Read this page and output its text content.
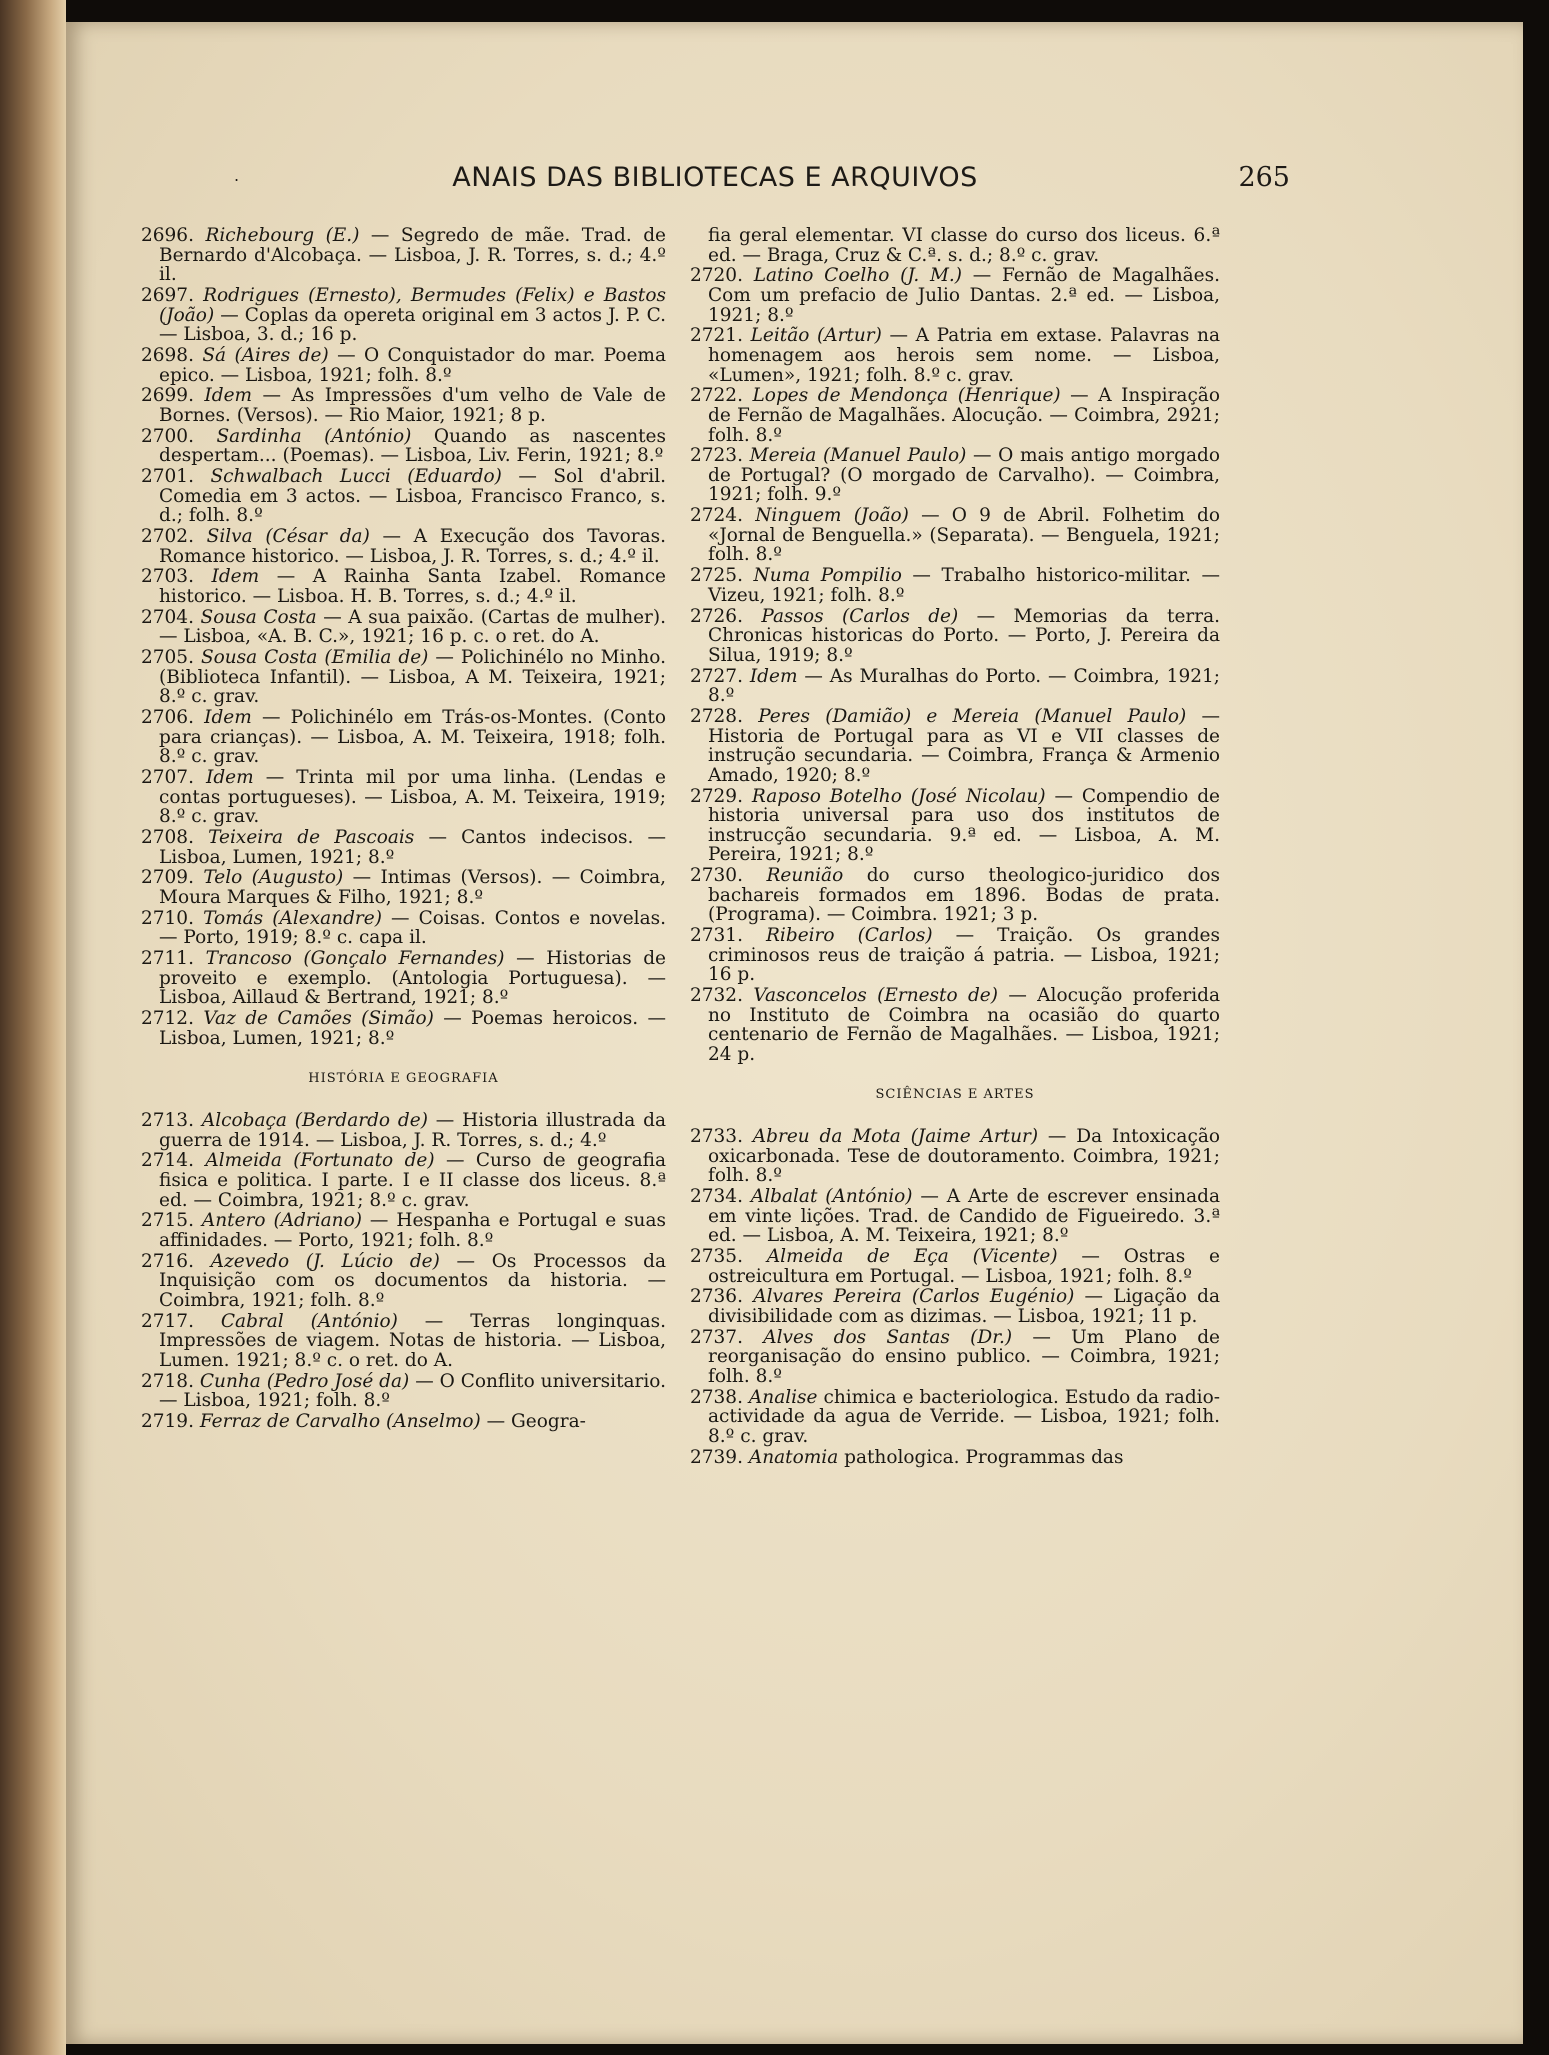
.	ANAIS DAS BIBLIOTECAS E ARQUIVOS	265

2696. Richebourg (E.) — Segredo de mãe. Trad. de Bernardo d'Alcobaça. — Lisboa, J. R. Torres, s. d.; 4.º il.

2697. Rodrigues (Ernesto), Bermudes (Felix) e Bastos (João) — Coplas da opereta original em 3 actos J. P. C. — Lisboa, 3. d.; 16 p.

2698. Sá (Aires de) — O Conquistador do mar. Poema epico. — Lisboa, 1921; folh. 8.º

2699. Idem — As Impressões d'um velho de Vale de Bornes. (Versos). — Rio Maior, 1921; 8 p.

2700. Sardinha (António) Quando as nascentes despertam... (Poemas). — Lisboa, Liv. Ferin, 1921; 8.º

2701. Schwalbach Lucci (Eduardo) — Sol d'abril. Comedia em 3 actos. — Lisboa, Francisco Franco, s. d.; folh. 8.º

2702. Silva (César da) — A Execução dos Tavoras. Romance historico. — Lisboa, J. R. Torres, s. d.; 4.º il.

2703. Idem — A Rainha Santa Izabel. Romance historico. — Lisboa. H. B. Torres, s. d.; 4.º il.

2704. Sousa Costa — A sua paixão. (Cartas de mulher). — Lisboa, «A. B. C.», 1921; 16 p. c. o ret. do A.

2705. Sousa Costa (Emilia de) — Polichinélo no Minho. (Biblioteca Infantil). — Lisboa, A M. Teixeira, 1921; 8.º c. grav.

2706. Idem — Polichinélo em Trás-os-Montes. (Conto para crianças). — Lisboa, A. M. Teixeira, 1918; folh. 8.º c. grav.

2707. Idem — Trinta mil por uma linha. (Lendas e contas portugueses). — Lisboa, A. M. Teixeira, 1919; 8.º c. grav.

2708. Teixeira de Pascoais — Cantos indecisos. — Lisboa, Lumen, 1921; 8.º

2709. Telo (Augusto) — Intimas (Versos). — Coimbra, Moura Marques & Filho, 1921; 8.º

2710. Tomás (Alexandre) — Coisas. Contos e novelas. — Porto, 1919; 8.º c. capa il.

2711. Trancoso (Gonçalo Fernandes) — Historias de proveito e exemplo. (Antologia Portuguesa). — Lisboa, Aillaud & Bertrand, 1921; 8.º

2712. Vaz de Camões (Simão) — Poemas heroicos. — Lisboa, Lumen, 1921; 8.º

HISTÓRIA E GEOGRAFIA

2713. Alcobaça (Berdardo de) — Historia illustrada da guerra de 1914. — Lisboa, J. R. Torres, s. d.; 4.º

2714. Almeida (Fortunato de) — Curso de geografia fisica e politica. I parte. I e II classe dos liceus. 8.ª ed. — Coimbra, 1921; 8.º c. grav.

2715. Antero (Adriano) — Hespanha e Portugal e suas affinidades. — Porto, 1921; folh. 8.º

2716. Azevedo (J. Lúcio de) — Os Processos da Inquisição com os documentos da historia. — Coimbra, 1921; folh. 8.º

2717. Cabral (António) — Terras longinquas. Impressões de viagem. Notas de historia. — Lisboa, Lumen. 1921; 8.º c. o ret. do A.

2718. Cunha (Pedro José da) — O Conflito universitario. — Lisboa, 1921; folh. 8.º

2719. Ferraz de Carvalho (Anselmo) — Geogra-

fia geral elementar. VI classe do curso dos liceus. 6.ª ed. — Braga, Cruz & C.ª. s. d.; 8.º c. grav.

2720. Latino Coelho (J. M.) — Fernão de Magalhães. Com um prefacio de Julio Dantas. 2.ª ed. — Lisboa, 1921; 8.º

2721. Leitão (Artur) — A Patria em extase. Palavras na homenagem aos herois sem nome. — Lisboa, «Lumen», 1921; folh. 8.º c. grav.

2722. Lopes de Mendonça (Henrique) — A Inspiração de Fernão de Magalhães. Alocução. — Coimbra, 2921; folh. 8.º

2723. Mereia (Manuel Paulo) — O mais antigo morgado de Portugal? (O morgado de Carvalho). — Coimbra, 1921; folh. 9.º

2724. Ninguem (João) — O 9 de Abril. Folhetim do «Jornal de Benguella.» (Separata). — Benguela, 1921; folh. 8.º

2725. Numa Pompilio — Trabalho historico-militar. — Vizeu, 1921; folh. 8.º

2726. Passos (Carlos de) — Memorias da terra. Chronicas historicas do Porto. — Porto, J. Pereira da Silua, 1919; 8.º

2727. Idem — As Muralhas do Porto. — Coimbra, 1921; 8.º

2728. Peres (Damião) e Mereia (Manuel Paulo) — Historia de Portugal para as VI e VII classes de instrução secundaria. — Coimbra, França & Armenio Amado, 1920; 8.º

2729. Raposo Botelho (José Nicolau) — Compendio de historia universal para uso dos institutos de instrucção secundaria. 9.ª ed. — Lisboa, A. M. Pereira, 1921; 8.º

2730. Reunião do curso theologico-juridico dos bachareis formados em 1896. Bodas de prata. (Programa). — Coimbra. 1921; 3 p.

2731. Ribeiro (Carlos) — Traição. Os grandes criminosos reus de traição á patria. — Lisboa, 1921; 16 p.

2732. Vasconcelos (Ernesto de) — Alocução proferida no Instituto de Coimbra na ocasião do quarto centenario de Fernão de Magalhães. — Lisboa, 1921; 24 p.

SCIÊNCIAS E ARTES

2733. Abreu da Mota (Jaime Artur) — Da Intoxicação oxicarbonada. Tese de doutoramento. Coimbra, 1921; folh. 8.º

2734. Albalat (António) — A Arte de escrever ensinada em vinte lições. Trad. de Candido de Figueiredo. 3.ª ed. — Lisboa, A. M. Teixeira, 1921; 8.º

2735. Almeida de Eça (Vicente) — Ostras e ostreicultura em Portugal. — Lisboa, 1921; folh. 8.º

2736. Alvares Pereira (Carlos Eugénio) — Ligação da divisibilidade com as dizimas. — Lisboa, 1921; 11 p.

2737. Alves dos Santas (Dr.) — Um Plano de reorganisação do ensino publico. — Coimbra, 1921; folh. 8.º

2738. Analise chimica e bacteriologica. Estudo da radio-actividade da agua de Verride. — Lisboa, 1921; folh. 8.º c. grav.

2739. Anatomia pathologica. Programmas das
